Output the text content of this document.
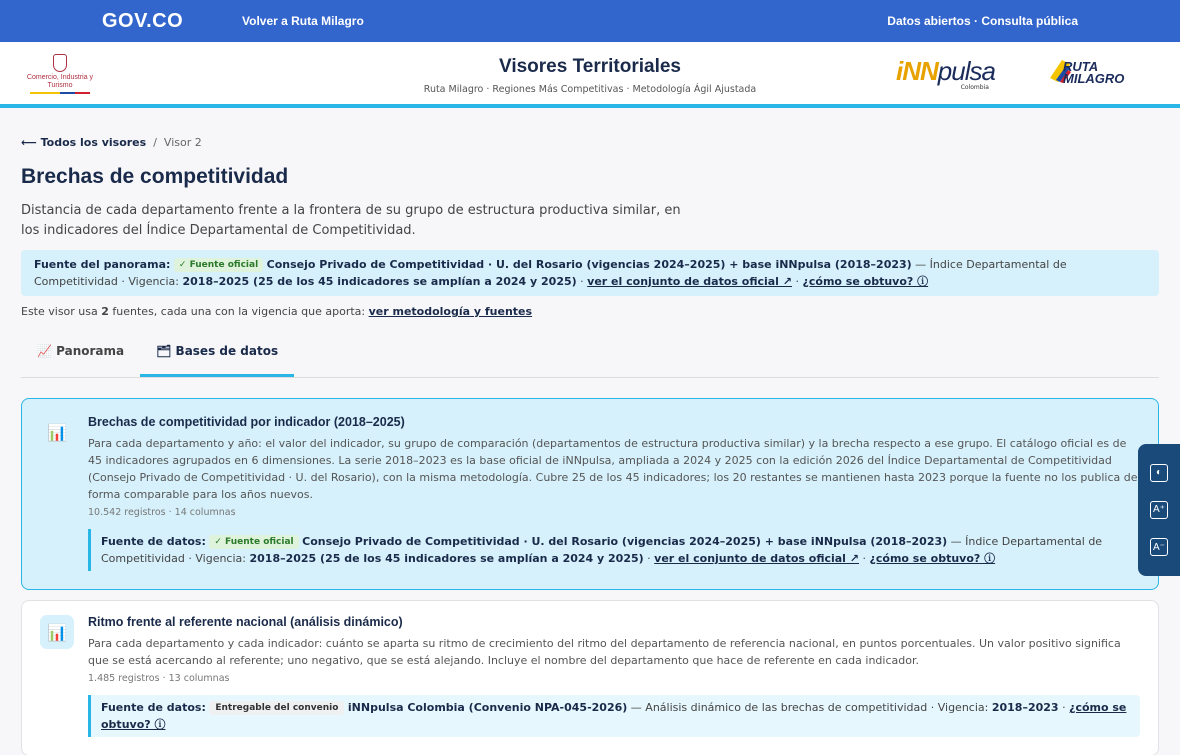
GOV.CO	Volver a Ruta Milagro	Datos abiertos · Consulta pública
Comercio, Industria y Turismo
Visores Territoriales
Ruta Milagro · Regiones Más Competitivas · Metodología Ágil Ajustada
iNNpulsa
Colombia
RUTA MILAGRO
⟵ Todos los visores / Visor 2
Brechas de competitividad

Distancia de cada departamento frente a la frontera de su grupo de estructura productiva similar, en los indicadores del Índice Departamental de Competitividad.

Fuente del panorama: ✓ Fuente oficial Consejo Privado de Competitividad · U. del Rosario (vigencias 2024–2025) + base iNNpulsa (2018–2023) — Índice Departamental de Competitividad · Vigencia: 2018–2025 (25 de los 45 indicadores se amplían a 2024 y 2025) · ver el conjunto de datos oficial ↗ · ¿cómo se obtuvo? ⓘ
Este visor usa 2 fuentes, cada una con la vigencia que aporta: ver metodología y fuentes
📈
Panorama	🗂
Bases de datos
📊
Brechas de competitividad por indicador (2018–2025)
Para cada departamento y año: el valor del indicador, su grupo de comparación (departamentos de estructura productiva similar) y la brecha respecto a ese grupo. El catálogo oficial es de 45 indicadores agrupados en 6 dimensiones. La serie 2018–2023 es la base oficial de iNNpulsa, ampliada a 2024 y 2025 con la edición 2026 del Índice Departamental de Competitividad (Consejo Privado de Competitividad · U. del Rosario), con la misma metodología. Cubre 25 de los 45 indicadores; los 20 restantes se mantienen hasta 2023 porque la fuente no los publica de forma comparable para los años nuevos.
10.542 registros · 14 columnas
Fuente de datos: ✓ Fuente oficial Consejo Privado de Competitividad · U. del Rosario (vigencias 2024–2025) + base iNNpulsa (2018–2023) — Índice Departamental de Competitividad · Vigencia: 2018–2025 (25 de los 45 indicadores se amplían a 2024 y 2025) · ver el conjunto de datos oficial ↗ · ¿cómo se obtuvo? ⓘ
📊
Ritmo frente al referente nacional (análisis dinámico)
Para cada departamento y cada indicador: cuánto se aparta su ritmo de crecimiento del ritmo del departamento de referencia nacional, en puntos porcentuales. Un valor positivo significa que se está acercando al referente; uno negativo, que se está alejando. Incluye el nombre del departamento que hace de referente en cada indicador.
1.485 registros · 13 columnas
Fuente de datos: Entregable del convenio iNNpulsa Colombia (Convenio NPA-045-2026) — Análisis dinámico de las brechas de competitividad · Vigencia: 2018–2023 · ¿cómo se obtuvo? ⓘ
◐
A⁺
A⁻
